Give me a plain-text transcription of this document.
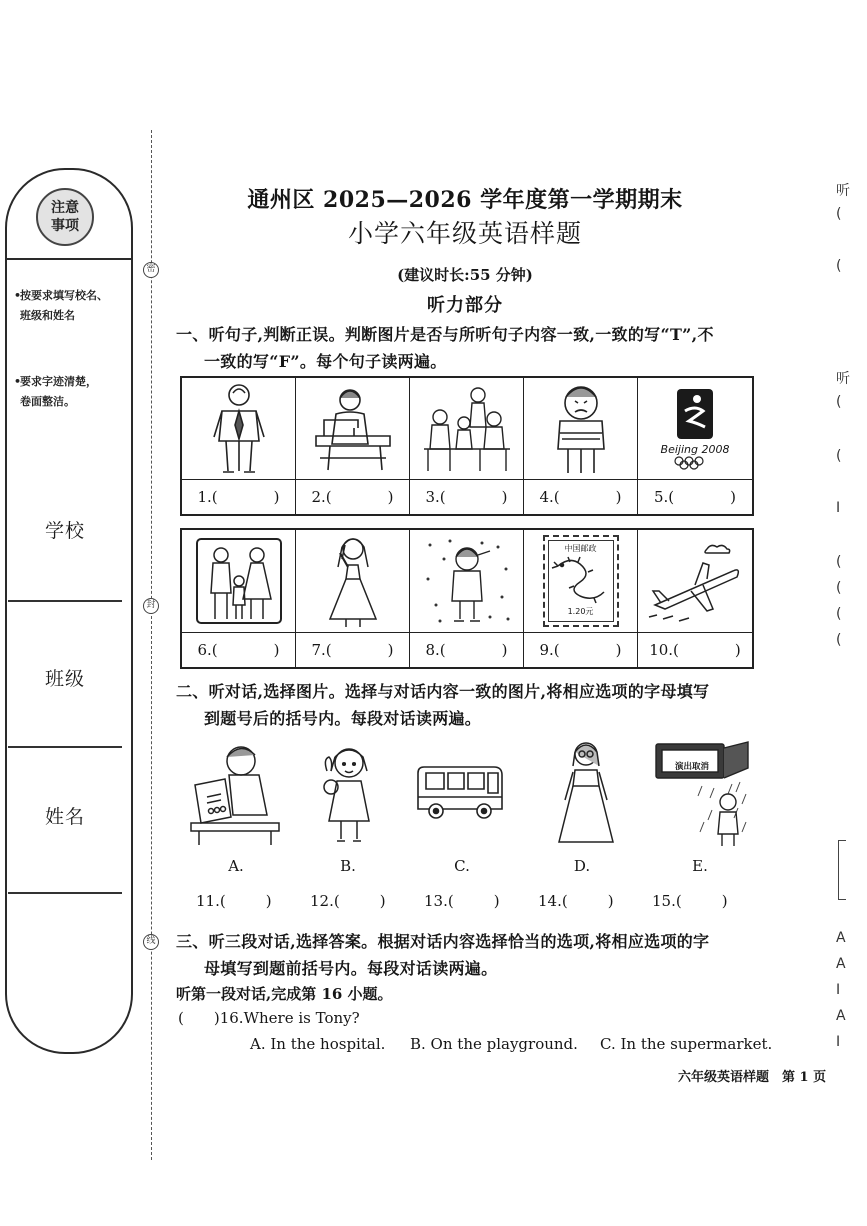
注意
事项
•按要求填写校名、
班级和姓名
•要求字迹清楚，
卷面整洁。
学校
班级
姓名
密
封
线
听
(
(
听
(
(
I
(
(
(
(
A
A
I
A
I
通州区 2025—2026 学年度第一学期期末
小学六年级英语样题
(建议时长:55 分钟)
听力部分
一、听句子,判断正误。判断图片是否与所听句子内容一致,一致的写“T”,不
一致的写“F”。每个句子读两遍。
1.(	) 2.(	) 3.(	) 4.(	)
Beijing 2008
5.(	)
6.(	) 7.(	) 8.(	)
中国邮政
1.20元
9.(	) 10.(	)
二、听对话,选择图片。选择与对话内容一致的图片,将相应选项的字母填写
到题号后的括号内。每段对话读两遍。
演出取消
A.	B.	C.	D.	E.
11.(	)	12.(	)	13.(	)	14.(	)	15.(	)
三、听三段对话,选择答案。根据对话内容选择恰当的选项,将相应选项的字
母填写到题前括号内。每段对话读两遍。
听第一段对话,完成第 16 小题。
( )16.Where is Tony?
A. In the hospital. B. On the playground. C. In the supermarket.
六年级英语样题　第 1 页
